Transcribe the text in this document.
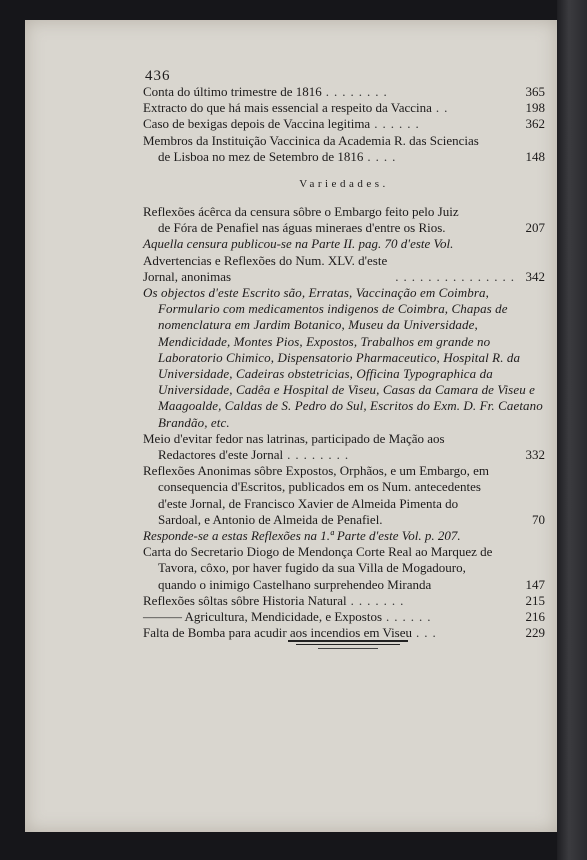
436
Conta do último trimestre de 1816 ........	365
Extracto do que há mais essencial a respeito da Vaccina ..	198
Caso de bexigas depois de Vaccina legitima ......	362
Membros da Instituição Vaccinica da Academia R. das Sciencias
de Lisboa no mez de Setembro de 1816 ....	148
Variedades.
Reflexões ácêrca da censura sôbre o Embargo feito pelo Juiz
de Fóra de Penafiel nas águas mineraes d'entre os Rios.	207
Aquella censura publicou-se na Parte II. pag. 70 d'este Vol.
Advertencias e Reflexões do Num. XLV. d'este Jornal, anonimas	............... 342
Os objectos d'este Escrito são, Erratas, Vaccinação em Coimbra, Formulario com medicamentos indigenos de Coimbra, Chapas de nomenclatura em Jardim Botanico, Museu da Universidade, Mendicidade, Montes Pios, Expostos, Trabalhos em grande no Laboratorio Chimico, Dispensatorio Pharmaceutico, Hospital R. da Universidade, Cadeiras obstetricias, Officina Typographica da Universidade, Cadêa e Hospital de Viseu, Casas da Camara de Viseu e Maagoalde, Caldas de S. Pedro do Sul, Escritos do Exm. D. Fr. Caetano Brandão, etc.
Meio d'evitar fedor nas latrinas, participado de Mação aos
Redactores d'este Jornal ........	332
Reflexões Anonimas sôbre Expostos, Orphãos, e um Embargo, em consequencia d'Escritos, publicados em os Num. antecedentes d'este Jornal, de Francisco Xavier de Almeida Pimenta do Sardoal, e Antonio de Almeida de Penafiel.	70
Responde-se a estas Reflexões na 1.ª Parte d'este Vol. p. 207.
Carta do Secretario Diogo de Mendonça Corte Real ao Marquez de Tavora, côxo, por haver fugido da sua Villa de Mogadouro, quando o inimigo Castelhano surprehendeo Miranda	147
Reflexões sôltas sôbre Historia Natural .......	215
——— Agricultura, Mendicidade, e Expostos ......	216
Falta de Bomba para acudir aos incendios em Viseu ...	229
